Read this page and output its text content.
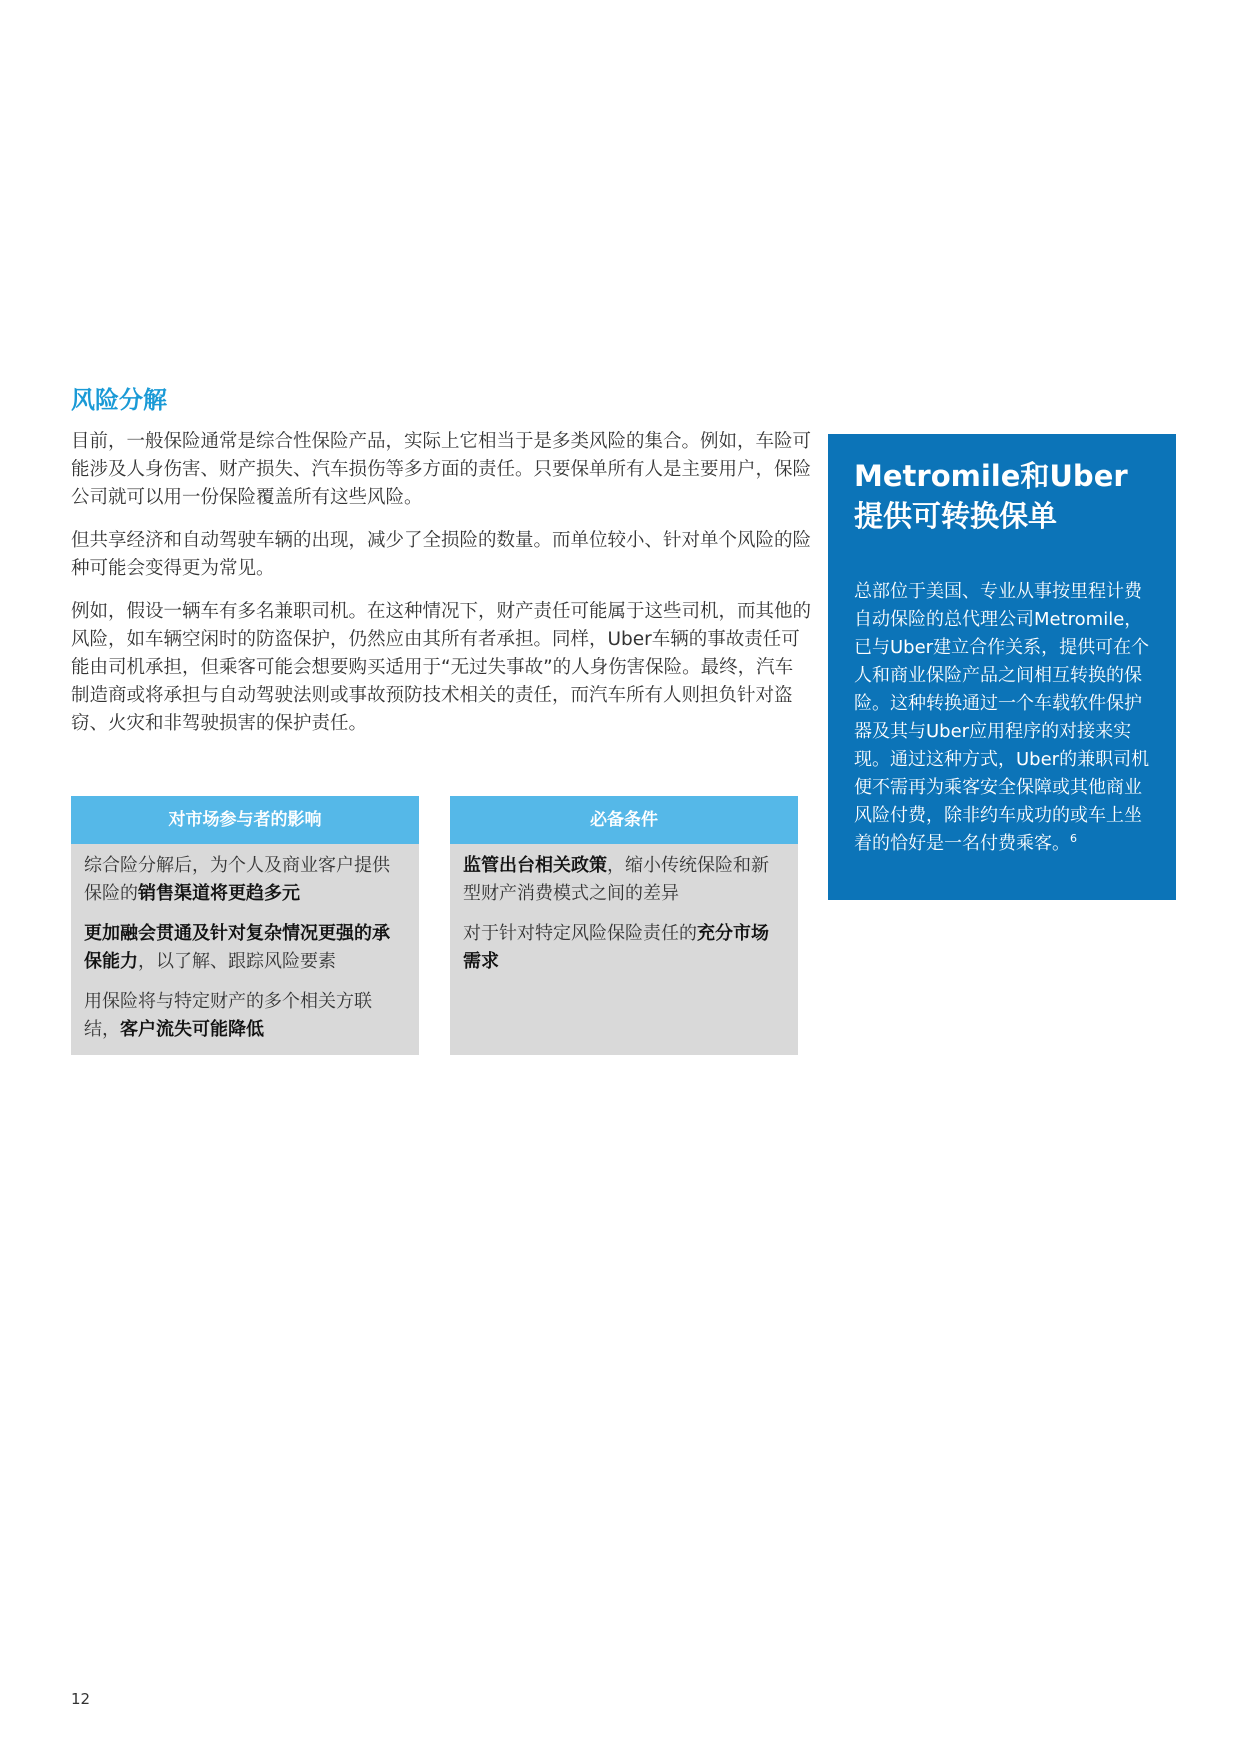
风险分解

目前，一般保险通常是综合性保险产品，实际上它相当于是多类风险的集合。例如，车险可能涉及人身伤害、财产损失、汽车损伤等多方面的责任。只要保单所有人是主要用户，保险公司就可以用一份保险覆盖所有这些风险。

但共享经济和自动驾驶车辆的出现，减少了全损险的数量。而单位较小、针对单个风险的险种可能会变得更为常见。

例如，假设一辆车有多名兼职司机。在这种情况下，财产责任可能属于这些司机，而其他的风险，如车辆空闲时的防盗保护，仍然应由其所有者承担。同样，Uber车辆的事故责任可能由司机承担，但乘客可能会想要购买适用于“无过失事故”的人身伤害保险。最终，汽车制造商或将承担与自动驾驶法则或事故预防技术相关的责任，而汽车所有人则担负针对盗窃、火灾和非驾驶损害的保护责任。

Metromile和Uber提供可转换保单

总部位于美国、专业从事按里程计费自动保险的总代理公司Metromile，已与Uber建立合作关系，提供可在个人和商业保险产品之间相互转换的保险。这种转换通过一个车载软件保护器及其与Uber应用程序的对接来实现。通过这种方式，Uber的兼职司机便不需再为乘客安全保障或其他商业风险付费，除非约车成功的或车上坐着的恰好是一名付费乘客。$^6$

对市场参与者的影响

综合险分解后，为个人及商业客户提供保险的销售渠道将更趋多元

更加融会贯通及针对复杂情况更强的承保能力，以了解、跟踪风险要素

用保险将与特定财产的多个相关方联结，客户流失可能降低

必备条件

监管出台相关政策，缩小传统保险和新型财产消费模式之间的差异

对于针对特定风险保险责任的充分市场需求

12
